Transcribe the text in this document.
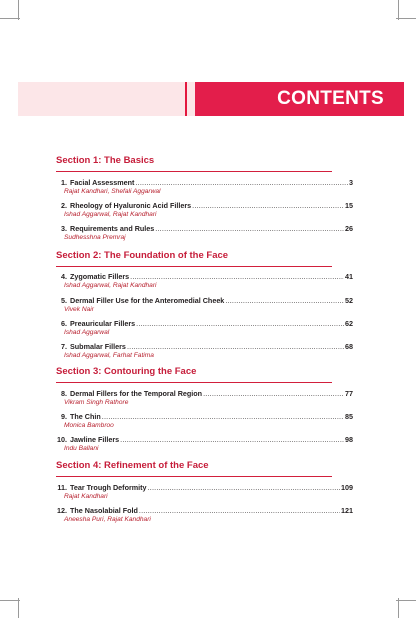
CONTENTS
Section 1: The Basics
1. Facial Assessment .....	3
Rajat Kandhari, Shefali Aggarwal
2. Rheology of Hyaluronic Acid Fillers .....	15
Ishad Aggarwal, Rajat Kandhari
3. Requirements and Rules .....	26
Sudhesshna Premraj
Section 2: The Foundation of the Face
4. Zygomatic Fillers .....	41
Ishad Aggarwal, Rajat Kandhari
5. Dermal Filler Use for the Anteromedial Cheek .....	52
Vivek Nair
6. Preauricular Fillers .....	62
Ishad Aggarwal
7. Submalar Fillers .....	68
Ishad Aggarwal, Farhat Fatima
Section 3: Contouring the Face
8. Dermal Fillers for the Temporal Region .....	77
Vikram Singh Rathore
9. The Chin .....	85
Monica Bambroo
10. Jawline Fillers .....	98
Indu Ballani
Section 4: Refinement of the Face
11. Tear Trough Deformity .....	109
Rajat Kandhari
12. The Nasolabial Fold .....	121
Aneesha Puri, Rajat Kandhari
